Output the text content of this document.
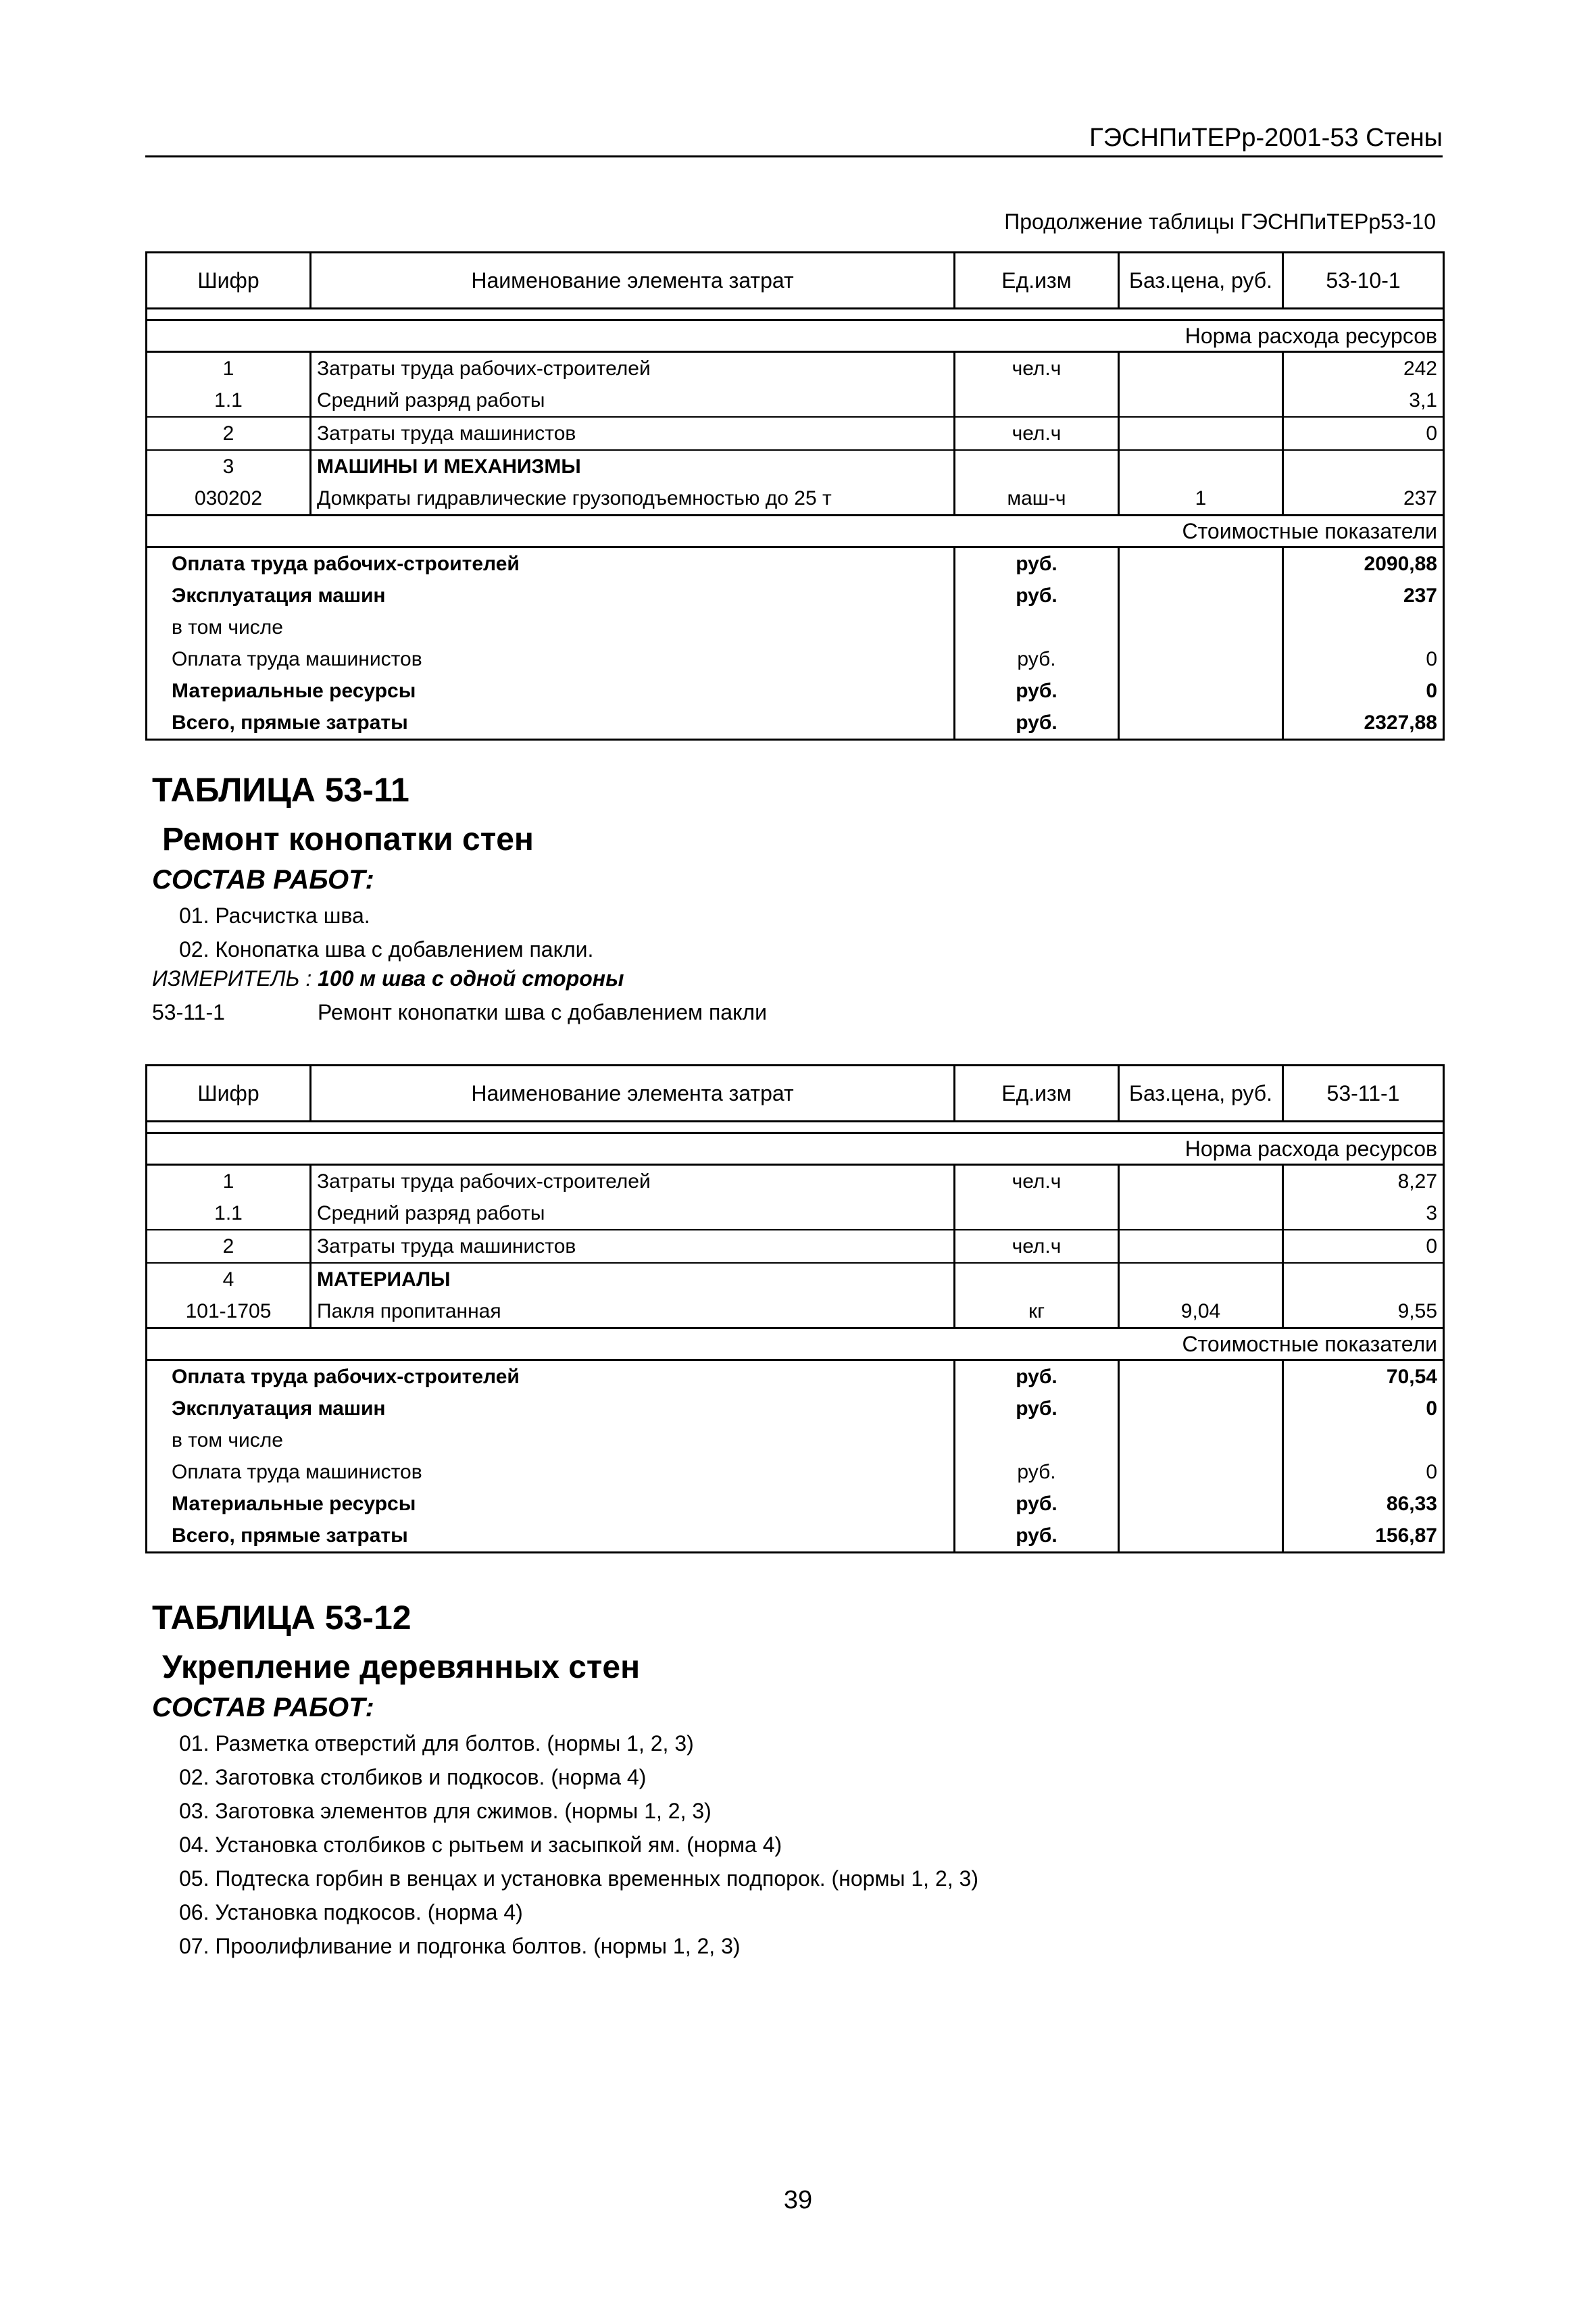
ГЭСНПиТЕРр-2001-53 Стены
Продолжение таблицы ГЭСНПиТЕРр53-10
Шифр	Наименование элемента затрат	Ед.изм	Баз.цена, руб.	53-10-1

Норма расхода ресурсов				
1	Затраты труда рабочих-строителей	чел.ч		242
1.1	Средний разряд работы			3,1
2	Затраты труда машинистов	чел.ч		0
3	МАШИНЫ И МЕХАНИЗМЫ			
030202	Домкраты гидравлические грузоподъемностью до 25 т	маш-ч	1	237
Стоимостные показатели				
Оплата труда рабочих-строителей		руб.		2090,88
Эксплуатация машин		руб.		237
в том числе				
Оплата труда машинистов		руб.		0
Материальные ресурсы		руб.		0
Всего, прямые затраты		руб.		2327,88
ТАБЛИЦА 53-11
Ремонт конопатки стен
СОСТАВ РАБОТ:
01. Расчистка шва.
02. Конопатка шва с добавлением пакли.
ИЗМЕРИТЕЛЬ : 100 м шва с одной стороны
53-11-1	Ремонт конопатки шва с добавлением пакли
Шифр	Наименование элемента затрат	Ед.изм	Баз.цена, руб.	53-11-1

Норма расхода ресурсов				
1	Затраты труда рабочих-строителей	чел.ч		8,27
1.1	Средний разряд работы			3
2	Затраты труда машинистов	чел.ч		0
4	МАТЕРИАЛЫ			
101-1705	Пакля пропитанная	кг	9,04	9,55
Стоимостные показатели				
Оплата труда рабочих-строителей		руб.		70,54
Эксплуатация машин		руб.		0
в том числе				
Оплата труда машинистов		руб.		0
Материальные ресурсы		руб.		86,33
Всего, прямые затраты		руб.		156,87
ТАБЛИЦА 53-12
Укрепление деревянных стен
СОСТАВ РАБОТ:
01. Разметка отверстий для болтов. (нормы 1, 2, 3)
02. Заготовка столбиков и подкосов. (норма 4)
03. Заготовка элементов для сжимов. (нормы 1, 2, 3)
04. Установка столбиков с рытьем и засыпкой ям. (норма 4)
05. Подтеска горбин в венцах и установка временных подпорок. (нормы 1, 2, 3)
06. Установка подкосов. (норма 4)
07. Проолифливание и подгонка болтов. (нормы 1, 2, 3)
39
